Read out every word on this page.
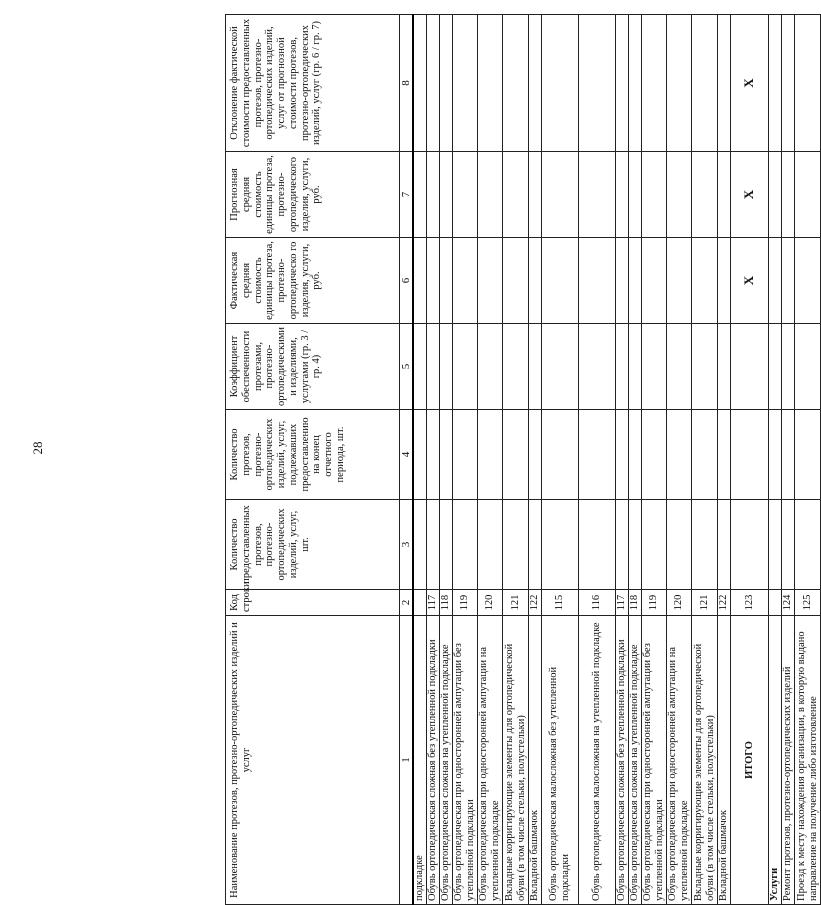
28
Наименование протезов, протезно-ортопедических изделий и услуг	Код строки	Количество предоставленных протезов, протезно-ортопедических изделий, услуг, шт.	Количество протезов, протезно-ортопедических изделий, услуг, подлежавших предоставлению на конец отчетного периода, шт.	Коэффициент обеспеченности протезами, протезно-ортопедическими и изделиями, услугами (гр. 3 / гр. 4)	Фактическая средняя стоимость единицы протеза, протезно-ортопедическо го изделия, услуги, руб.	Прогнозная средняя стоимость единицы протеза, протезно-ортопедического изделия, услуги, руб.	Отклонение фактической стоимости предоставленных протезов, протезно-ортопедических изделий, услуг от прогнозной стоимости протезов, протезно-ортопедических изделий, услуг (гр. 6 / гр. 7)
1	2	3	4	5	6	7	8
подкладке							
Обувь ортопедическая сложная без утепленной подкладки	117						
Обувь ортопедическая сложная на утепленной подкладке	118						
Обувь ортопедическая при односторонней ампутации без утепленной подкладки	119						
Обувь ортопедическая при односторонней ампутации на утепленной подкладке	120						
Вкладные корригирующие элементы для ортопедической обуви (в том числе стельки, полустельки)	121						
Вкладной башмачок	122						
Обувь ортопедическая малосложная без утепленной подкладки	115						
Обувь ортопедическая малосложная на утепленной подкладке	116						
Обувь ортопедическая сложная без утепленной подкладки	117						
Обувь ортопедическая сложная на утепленной подкладке	118						
Обувь ортопедическая при односторонней ампутации без утепленной подкладки	119						
Обувь ортопедическая при односторонней ампутации на утепленной подкладке	120						
Вкладные корригирующие элементы для ортопедической обуви (в том числе стельки, полустельки)	121						
Вкладной башмачок	122						
ИТОГО	123				X	X	X
Услуги							
Ремонт протезов, протезно-ортопедических изделий	124						
Проезд к месту нахождения организации, в которую выдано направление на получение либо изготовление	125						
